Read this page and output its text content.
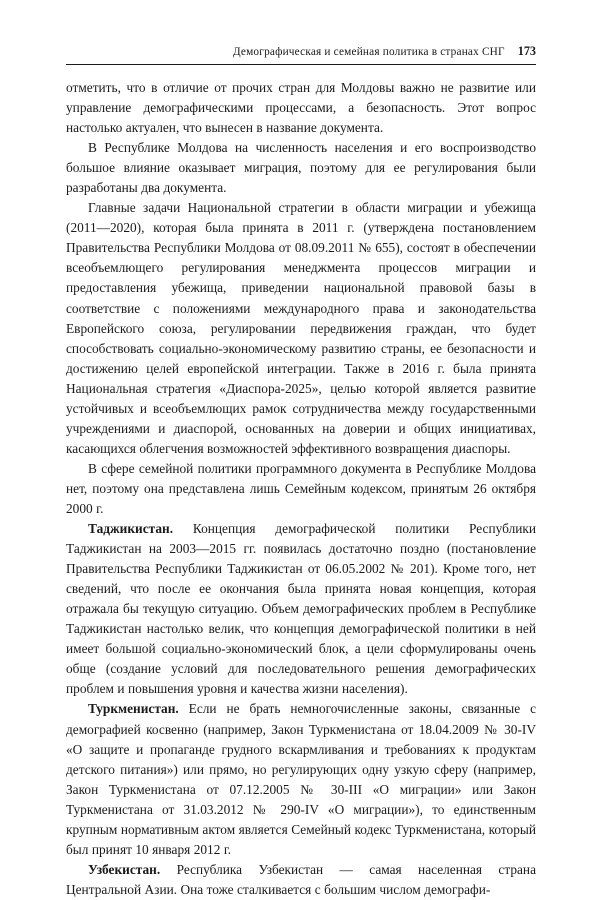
Демографическая и семейная политика в странах СНГ 173

отметить, что в отличие от прочих стран для Молдовы важно не развитие или управление демографическими процессами, а безопасность. Этот вопрос настолько актуален, что вынесен в название документа.

В Республике Молдова на численность населения и его воспроизводство большое влияние оказывает миграция, поэтому для ее регулирования были разработаны два документа.

Главные задачи Национальной стратегии в области миграции и убежища (2011—2020), которая была принята в 2011 г. (утверждена постановлением Правительства Республики Молдова от 08.09.2011 № 655), состоят в обеспечении всеобъемлющего регулирования менеджмента процессов миграции и предоставления убежища, приведении национальной правовой базы в соответствие с положениями международного права и законодательства Европейского союза, регулировании передвижения граждан, что будет способствовать социально-экономическому развитию страны, ее безопасности и достижению целей европейской интеграции. Также в 2016 г. была принята Национальная стратегия «Диаспора-2025», целью которой является развитие устойчивых и всеобъемлющих рамок сотрудничества между государственными учреждениями и диаспорой, основанных на доверии и общих инициативах, касающихся облегчения возможностей эффективного возвращения диаспоры.

В сфере семейной политики программного документа в Республике Молдова нет, поэтому она представлена лишь Семейным кодексом, принятым 26 октября 2000 г.

Таджикистан. Концепция демографической политики Республики Таджикистан на 2003—2015 гг. появилась достаточно поздно (постановление Правительства Республики Таджикистан от 06.05.2002 № 201). Кроме того, нет сведений, что после ее окончания была принята новая концепция, которая отражала бы текущую ситуацию. Объем демографических проблем в Республике Таджикистан настолько велик, что концепция демографической политики в ней имеет большой социально-экономический блок, а цели сформулированы очень обще (создание условий для последовательного решения демографических проблем и повышения уровня и качества жизни населения).

Туркменистан. Если не брать немногочисленные законы, связанные с демографией косвенно (например, Закон Туркменистана от 18.04.2009 № 30-IV «О защите и пропаганде грудного вскармливания и требованиях к продуктам детского питания») или прямо, но регулирующих одну узкую сферу (например, Закон Туркменистана от 07.12.2005 № 30-III «О миграции» или Закон Туркменистана от 31.03.2012 № 290-IV «О миграции»), то единственным крупным нормативным актом является Семейный кодекс Туркменистана, который был принят 10 января 2012 г.

Узбекистан. Республика Узбекистан — самая населенная страна Центральной Азии. Она тоже сталкивается с большим числом демографи-
